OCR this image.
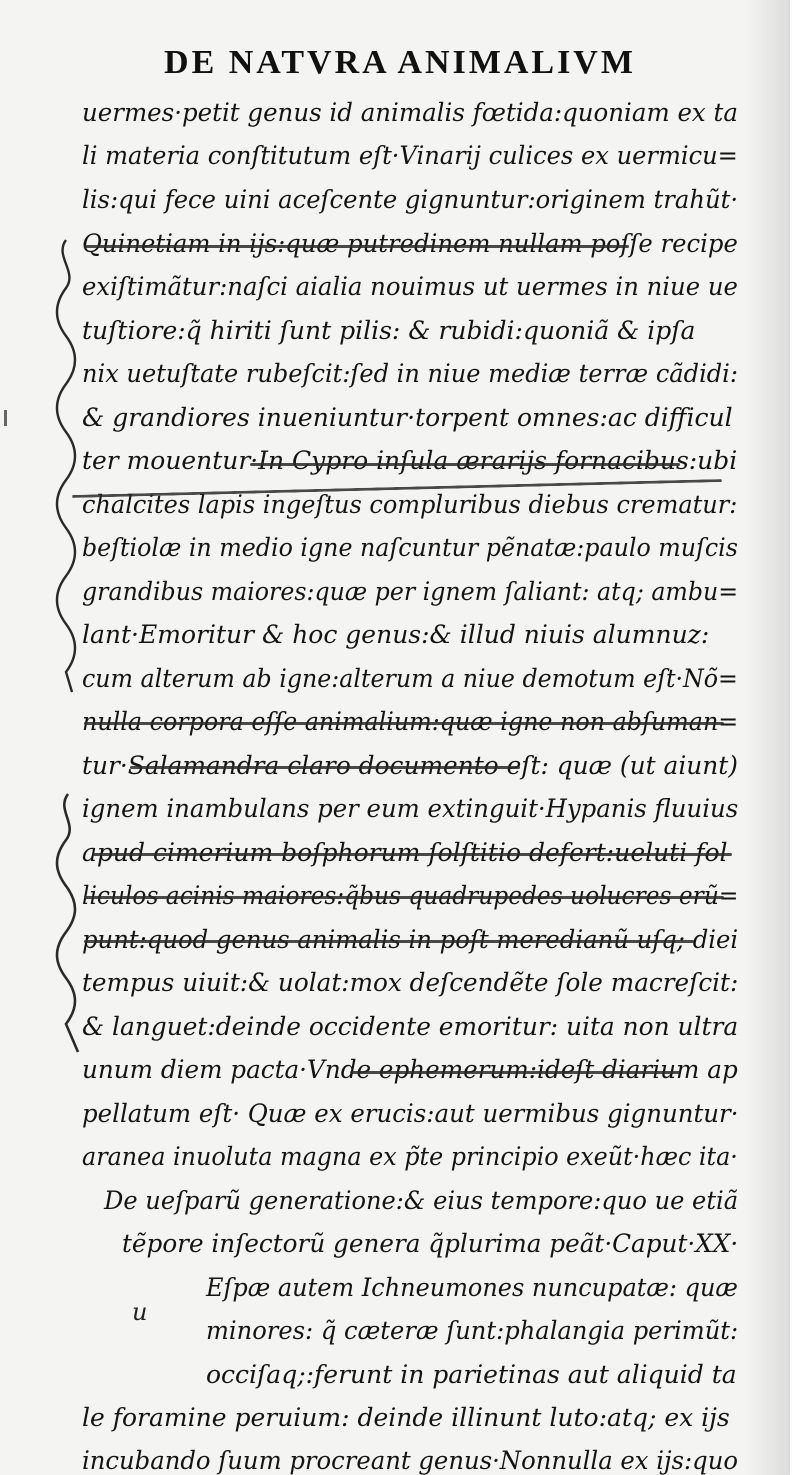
DE NATVRA ANIMALIVM
uermes·petit genus id animalis fœtida:quoniam ex ta
li materia conſtitutum eſt·Vinarij culices ex uermicu=
lis:qui fece uini aceſcente gignuntur:originem trahũt·
Quinetiam in ijs:quæ putredinem nullam poſſe recipe
exiſtimãtur:naſci aialia nouimus ut uermes in niue ue
tuſtiore:q̃ hiriti ſunt pilis: & rubidi:quoniã & ipſa
nix uetuſtate rubeſcit:ſed in niue mediæ terræ cãdidi:
& grandiores inueniuntur·torpent omnes:ac difficul
ter mouentur·In Cypro inſula ærarijs fornacibus:ubi
chalcites lapis ingeſtus compluribus diebus crematur:
beſtiolæ in medio igne naſcuntur pẽnatæ:paulo muſcis
grandibus maiores:quæ per ignem ſaliant: atq; ambu=
lant·Emoritur & hoc genus:& illud niuis alumnuz:
cum alterum ab igne:alterum a niue demotum eſt·Nõ=
nulla corpora eſſe animalium:quæ igne non abſuman=
tur·Salamandra claro documento eſt: quæ (ut aiunt)
ignem inambulans per eum extinguit·Hypanis fluuius
apud cimerium boſphorum ſolſtitio defert:ueluti fol
liculos acinis maiores:q̃bus quadrupedes uolucres erũ=
punt:quod genus animalis in poſt meredianũ uſq; diei
tempus uiuit:& uolat:mox deſcendẽte ſole macreſcit:
& languet:deinde occidente emoritur: uita non ultra
unum diem pacta·Vnde ephemerum:ideſt diarium ap
pellatum eſt· Quæ ex erucis:aut uermibus gignuntur·
aranea inuoluta magna ex p̃te principio exeũt·hæc ita·
De ueſparũ generatione:& eius tempore:quo ue etiã
tẽpore inſectorũ genera q̃plurima peãt·Caput·XX·
Eſpæ autem Ichneumones nuncupatæ: quæ
minores: q̃ cæteræ ſunt:phalangia perimũt:
occiſaq;:ferunt in parietinas aut aliquid ta
le foramine peruium: deinde illinunt luto:atq; ex ijs
incubando ſuum procreant genus·Nonnulla ex ijs:quo
u
